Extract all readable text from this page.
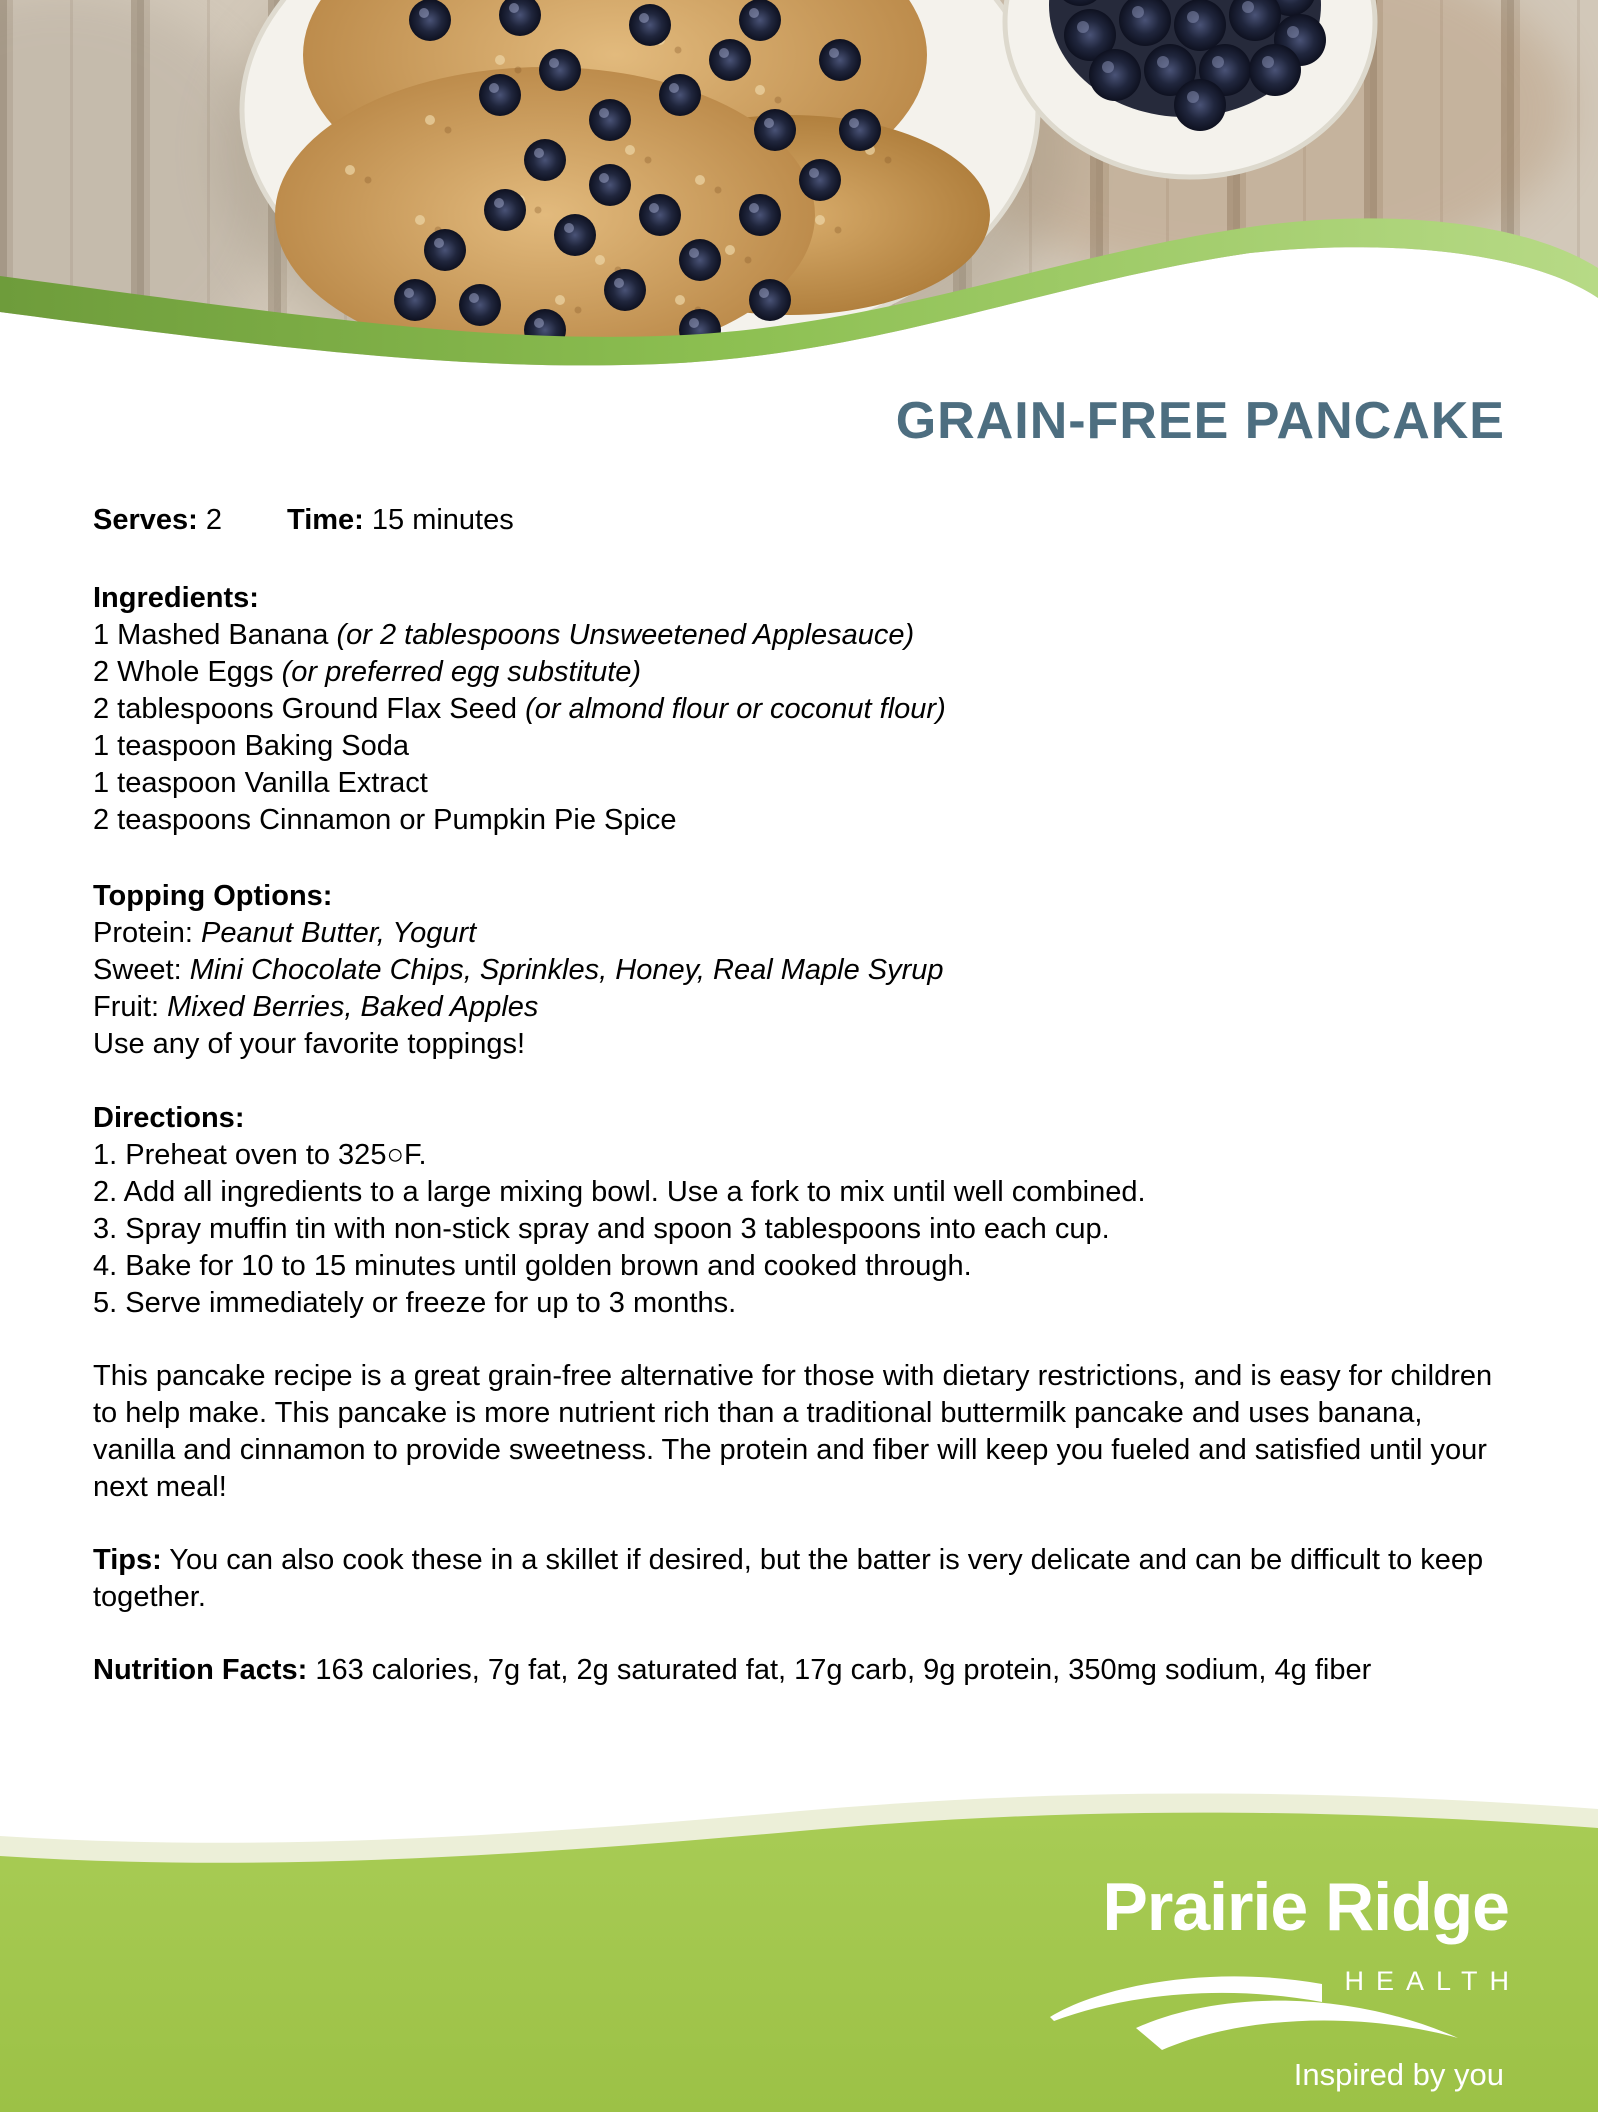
GRAIN-FREE PANCAKE
Serves: 2 Time: 15 minutes
Ingredients:
1 Mashed Banana (or 2 tablespoons Unsweetened Applesauce)
2 Whole Eggs (or preferred egg substitute)
2 tablespoons Ground Flax Seed (or almond flour or coconut flour)
1 teaspoon Baking Soda
1 teaspoon Vanilla Extract
2 teaspoons Cinnamon or Pumpkin Pie Spice
Topping Options:
Protein: Peanut Butter, Yogurt
Sweet: Mini Chocolate Chips, Sprinkles, Honey, Real Maple Syrup
Fruit: Mixed Berries, Baked Apples
Use any of your favorite toppings!
Directions:
1. Preheat oven to 325○F.
2. Add all ingredients to a large mixing bowl. Use a fork to mix until well combined.
3. Spray muffin tin with non-stick spray and spoon 3 tablespoons into each cup.
4. Bake for 10 to 15 minutes until golden brown and cooked through.
5. Serve immediately or freeze for up to 3 months.
This pancake recipe is a great grain-free alternative for those with dietary restrictions, and is easy for children to help make. This pancake is more nutrient rich than a traditional buttermilk pancake and uses banana, vanilla and cinnamon to provide sweetness. The protein and fiber will keep you fueled and satisfied until your next meal!
Tips: You can also cook these in a skillet if desired, but the batter is very delicate and can be difficult to keep together.
Nutrition Facts: 163 calories, 7g fat, 2g saturated fat, 17g carb, 9g protein, 350mg sodium, 4g fiber
Prairie Ridge
HEALTH
Inspired by you
